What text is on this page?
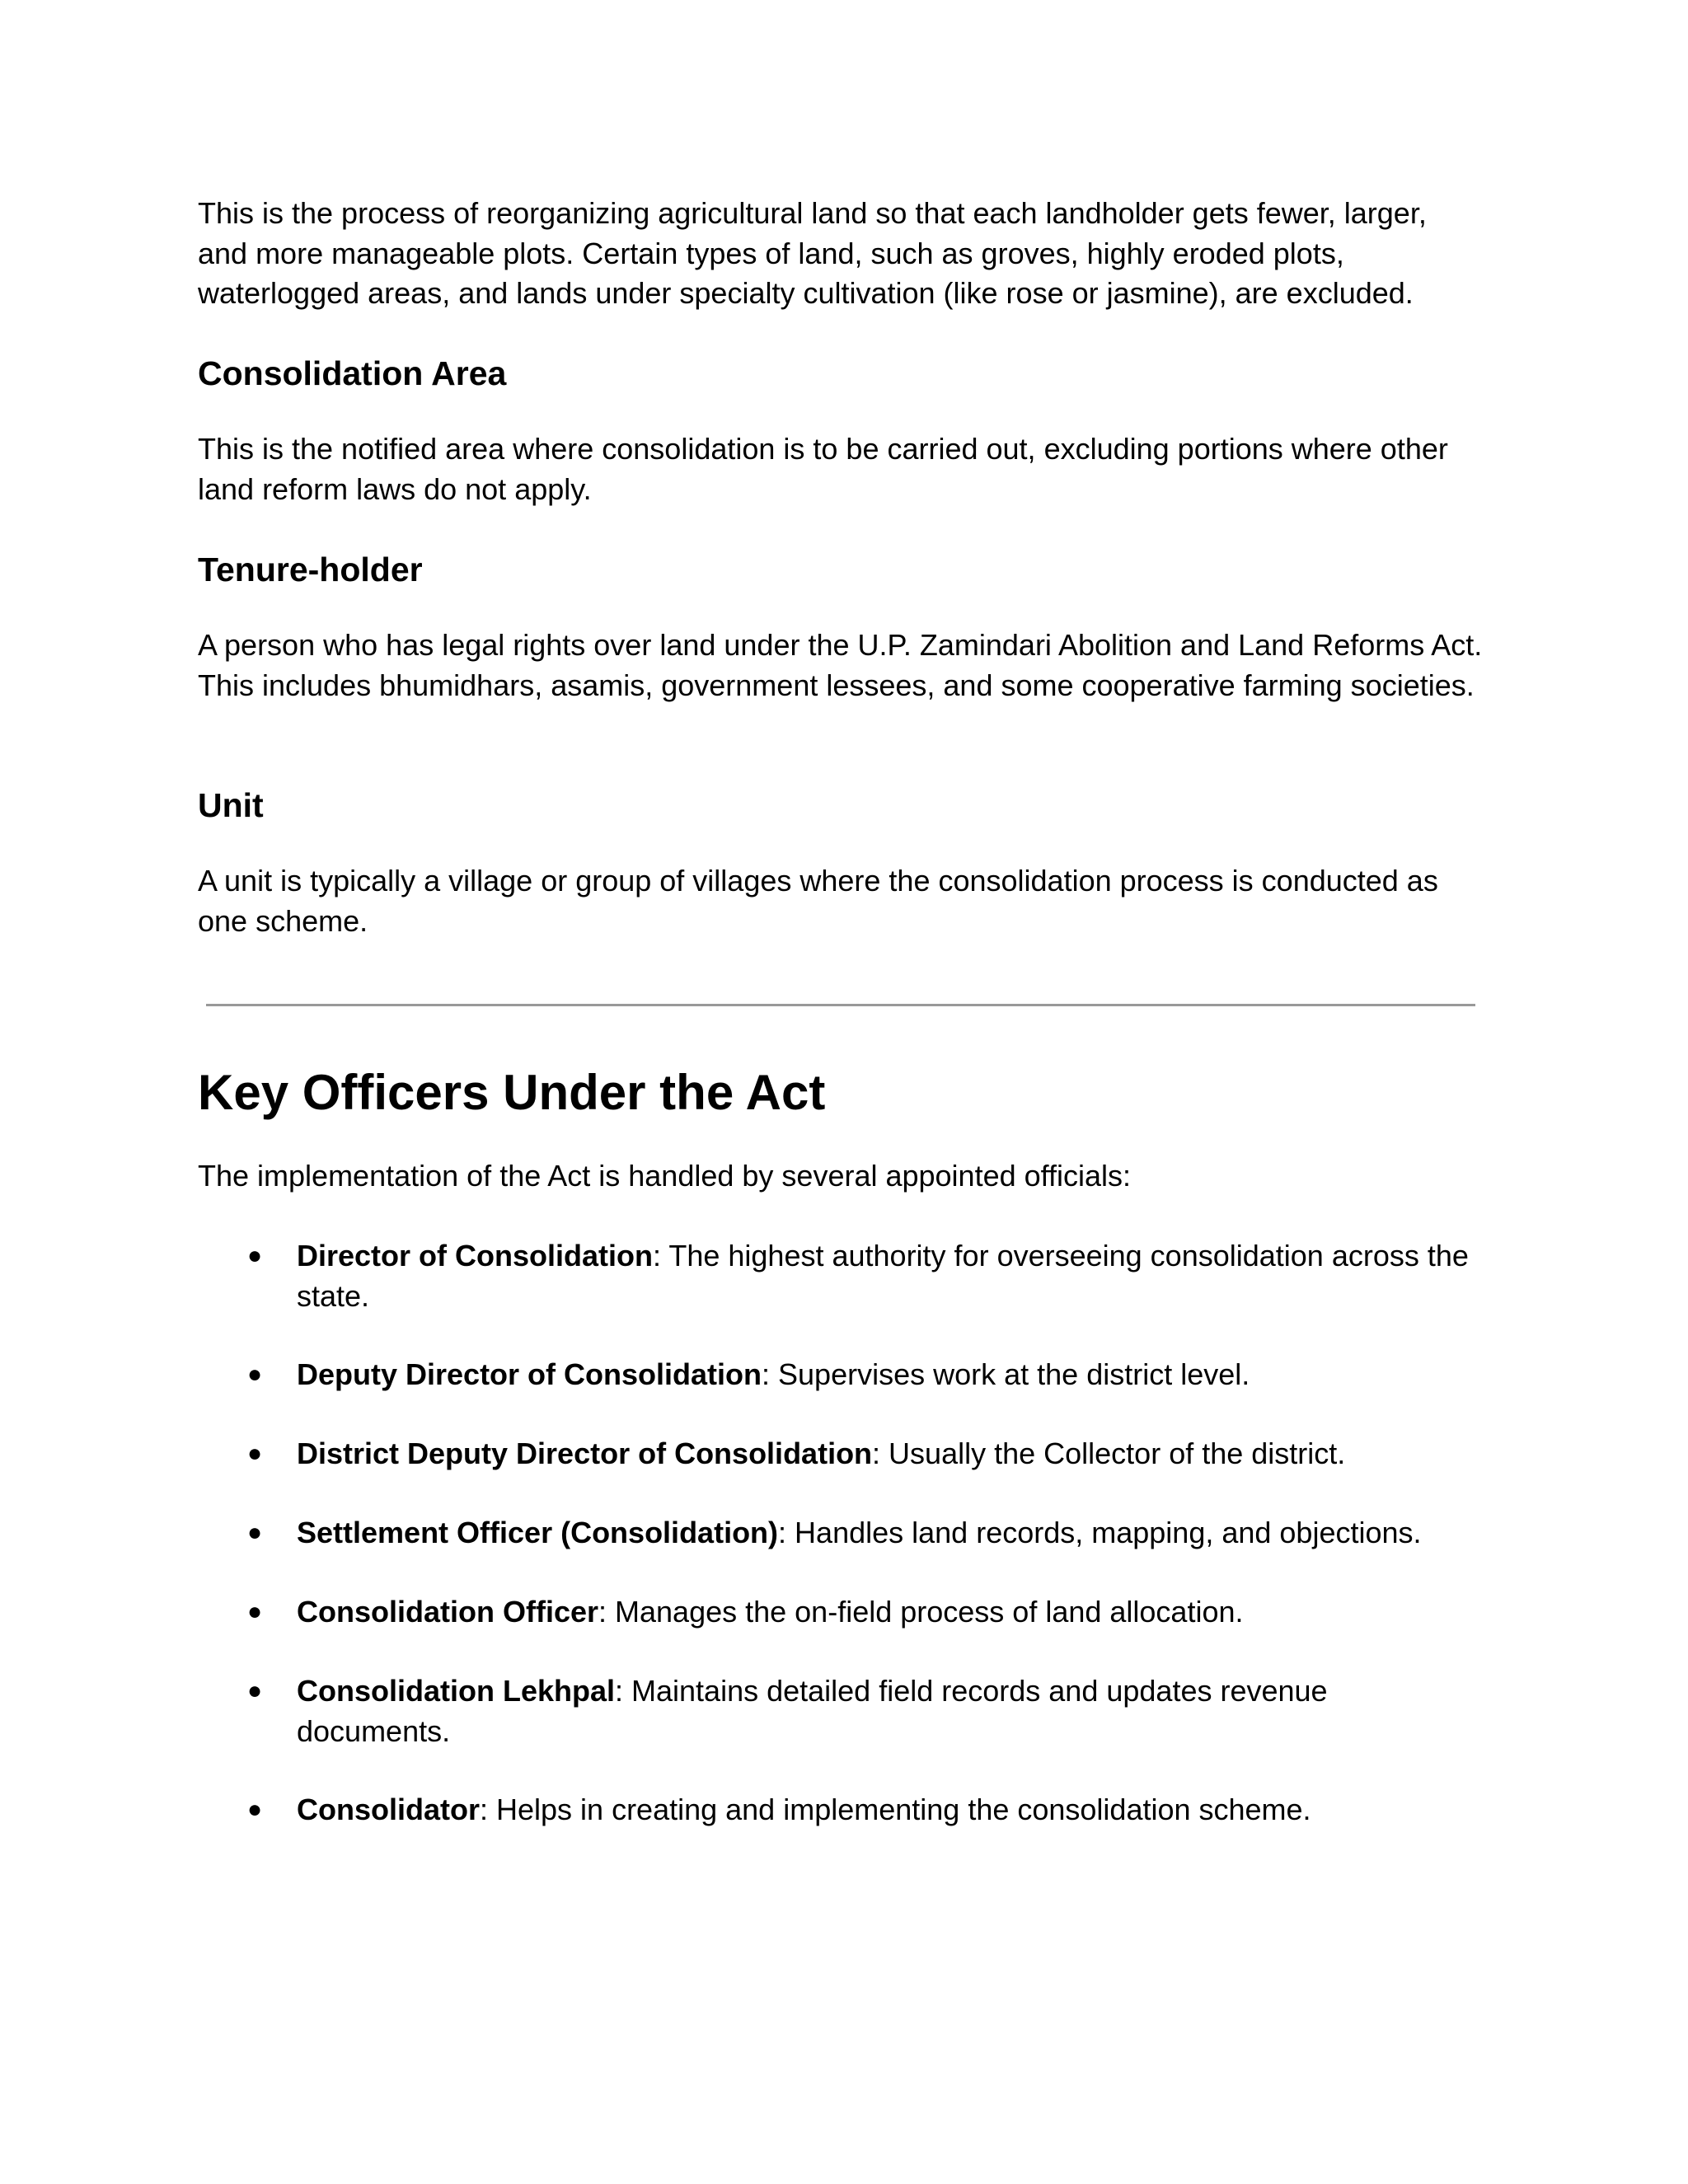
This is the process of reorganizing agricultural land so that each landholder gets fewer, larger, and more manageable plots. Certain types of land, such as groves, highly eroded plots, waterlogged areas, and lands under specialty cultivation (like rose or jasmine), are excluded.

Consolidation Area

This is the notified area where consolidation is to be carried out, excluding portions where other land reform laws do not apply.

Tenure-holder

A person who has legal rights over land under the U.P. Zamindari Abolition and Land Reforms Act. This includes bhumidhars, asamis, government lessees, and some cooperative farming societies.

Unit

A unit is typically a village or group of villages where the consolidation process is conducted as one scheme.

Key Officers Under the Act

The implementation of the Act is handled by several appointed officials:

● Director of Consolidation: The highest authority for overseeing consolidation across the state.
● Deputy Director of Consolidation: Supervises work at the district level.
● District Deputy Director of Consolidation: Usually the Collector of the district.
● Settlement Officer (Consolidation): Handles land records, mapping, and objections.
● Consolidation Officer: Manages the on-field process of land allocation.
● Consolidation Lekhpal: Maintains detailed field records and updates revenue documents.
● Consolidator: Helps in creating and implementing the consolidation scheme.
